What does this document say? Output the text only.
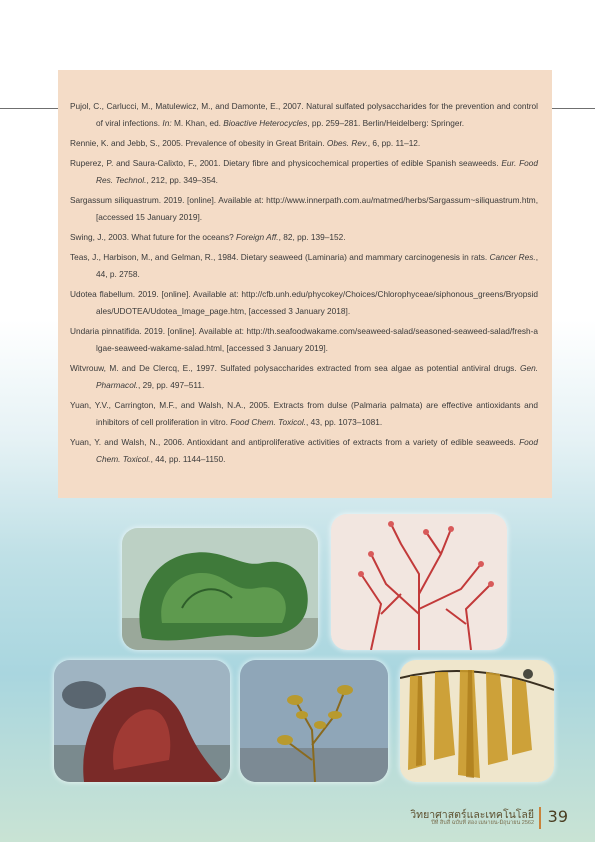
Pujol, C., Carlucci, M., Matulewicz, M., and Damonte, E., 2007. Natural sulfated polysaccharides for the prevention and control of viral infections. In: M. Khan, ed. Bioactive Heterocycles, pp. 259–281. Berlin/Heidelberg: Springer.

Rennie, K. and Jebb, S., 2005. Prevalence of obesity in Great Britain. Obes. Rev., 6, pp. 11–12.

Ruperez, P. and Saura-Calixto, F., 2001. Dietary fibre and physicochemical properties of edible Spanish seaweeds. Eur. Food Res. Technol., 212, pp. 349–354.

Sargassum siliquastrum. 2019. [online]. Available at: http://www.innerpath.com.au/matmed/herbs/Sargassum~siliquastrum.htm, [accessed 15 January 2019].

Swing, J., 2003. What future for the oceans? Foreign Aff., 82, pp. 139–152.

Teas, J., Harbison, M., and Gelman, R., 1984. Dietary seaweed (Laminaria) and mammary carcinogenesis in rats. Cancer Res., 44, p. 2758.

Udotea flabellum. 2019. [online]. Available at: http://cfb.unh.edu/phycokey/Choices/Chlorophyceae/siphonous_greens/Bryopsidales/UDOTEA/Udotea_Image_page.htm, [accessed 3 January 2018].

Undaria pinnatifida. 2019. [online]. Available at: http://th.seafoodwakame.com/seaweed-salad/seasoned-seaweed-salad/fresh-algae-seaweed-wakame-salad.html, [accessed 3 January 2019].

Witvrouw, M. and De Clercq, E., 1997. Sulfated polysaccharides extracted from sea algae as potential antiviral drugs. Gen. Pharmacol., 29, pp. 497–511.

Yuan, Y.V., Carrington, M.F., and Walsh, N.A., 2005. Extracts from dulse (Palmaria palmata) are effective antioxidants and inhibitors of cell proliferation in vitro. Food Chem. Toxicol., 43, pp. 1073–1081.

Yuan, Y. and Walsh, N., 2006. Antioxidant and antiproliferative activities of extracts from a variety of edible seaweeds. Food Chem. Toxicol., 44, pp. 1144–1150.

วิทยาศาสตร์และเทคโนโลยี
ปีที่ สิบสี่ ฉบับที่ สอง เมษายน-มิถุนายน 2562 39
